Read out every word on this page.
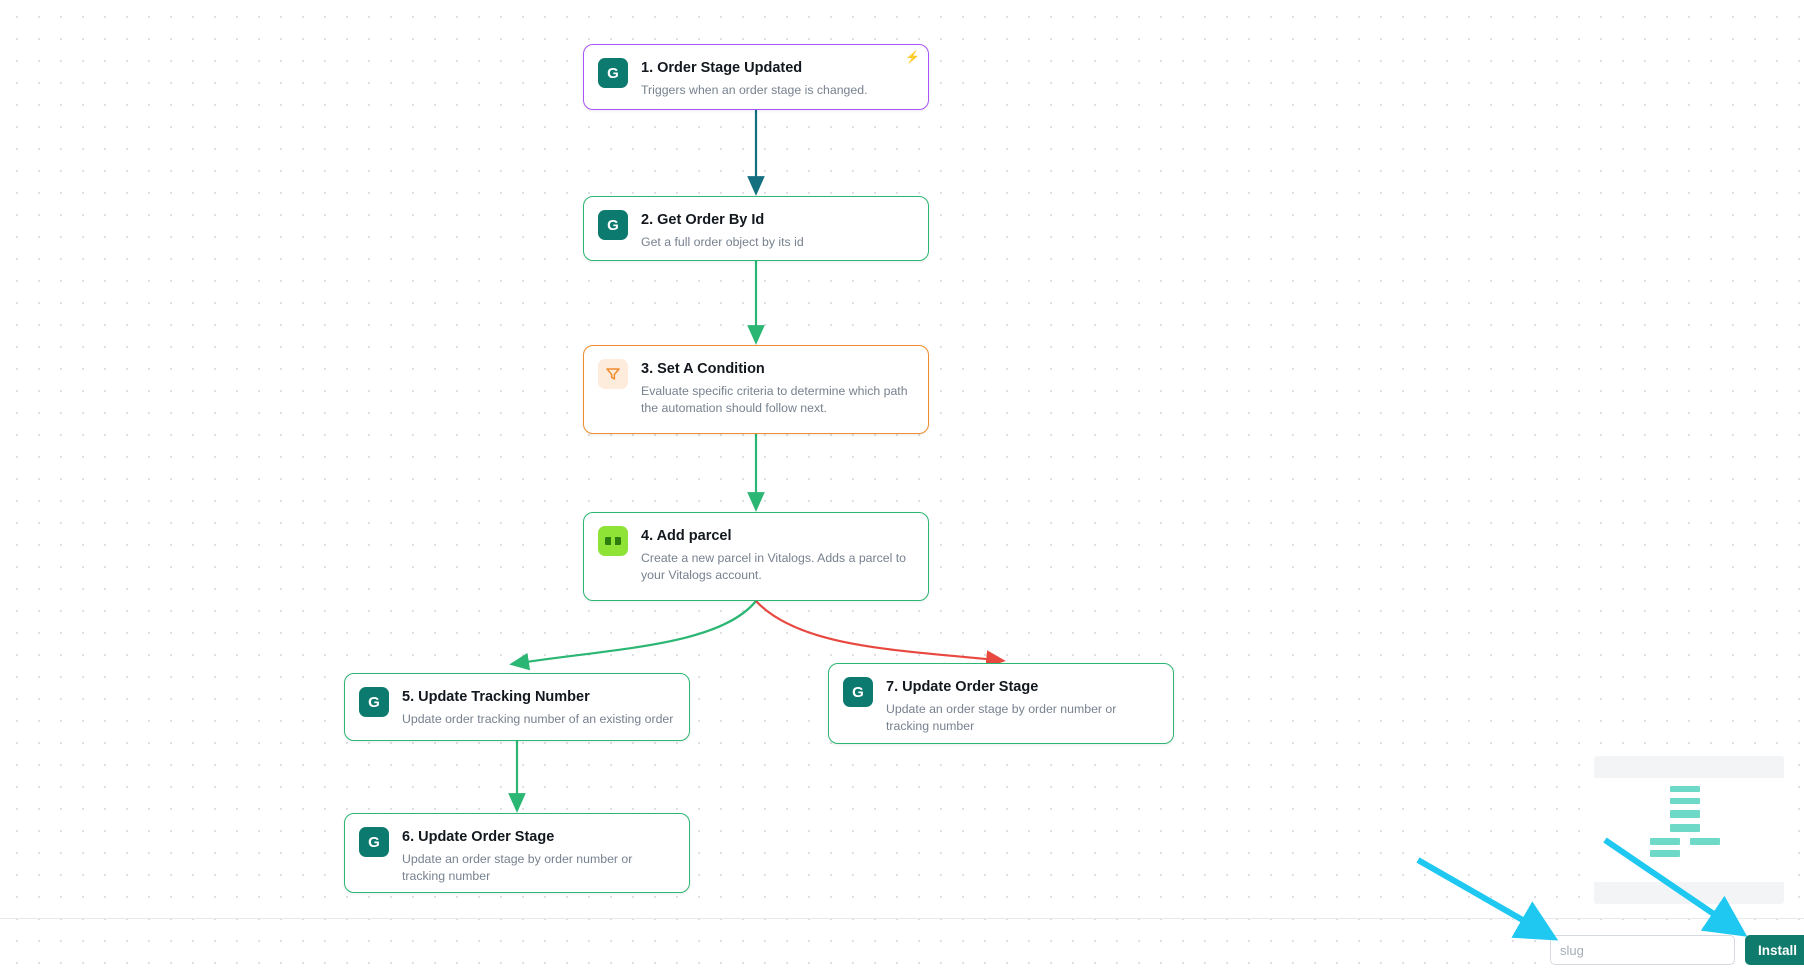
G	1. Order Stage Updated
Triggers when an order stage is changed.
⚡
G	2. Get Order By Id
Get a full order object by its id
3. Set A Condition
Evaluate specific criteria to determine which path the automation should follow next.
4. Add parcel
Create a new parcel in Vitalogs. Adds a parcel to your Vitalogs account.
G	5. Update Tracking Number
Update order tracking number of an existing order
G	6. Update Order Stage
Update an order stage by order number or tracking number
G	7. Update Order Stage
Update an order stage by order number or tracking number
slug
Install
